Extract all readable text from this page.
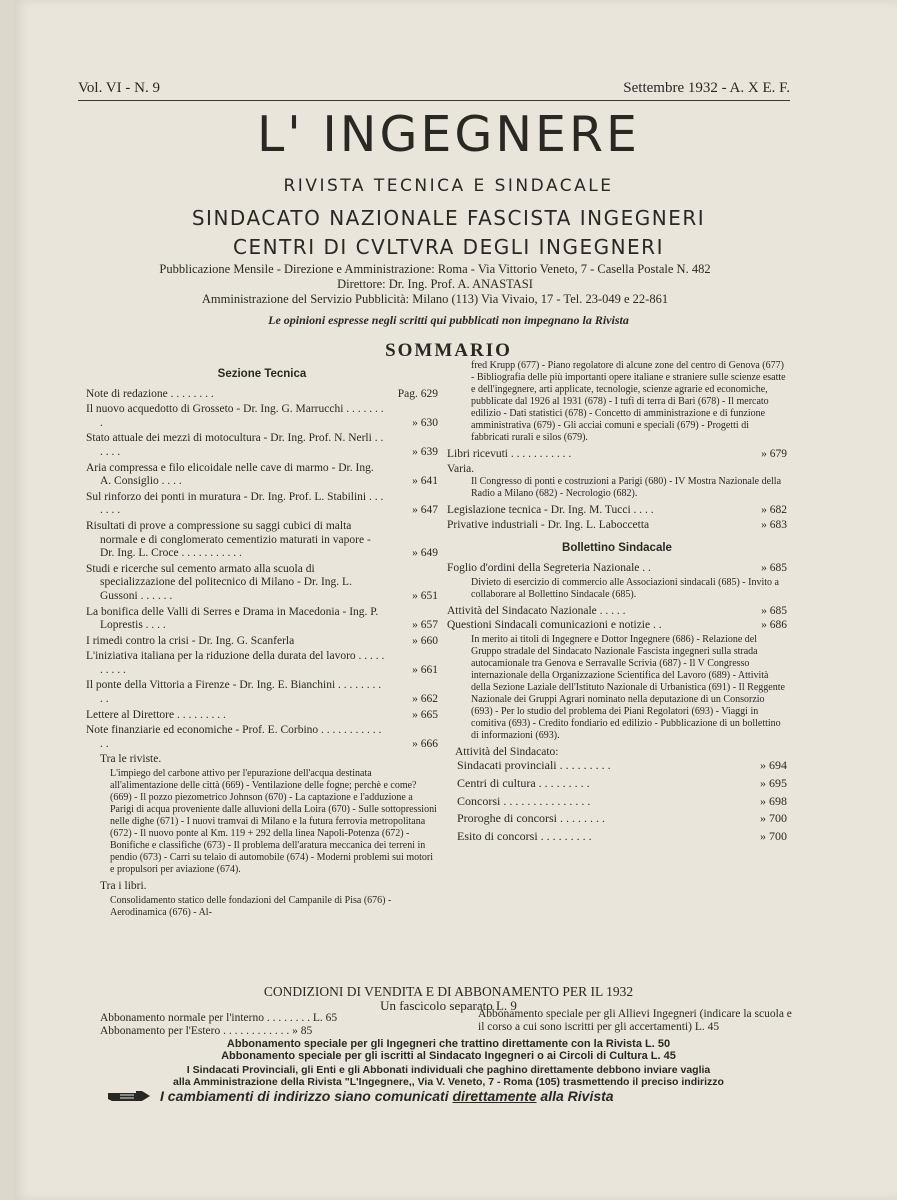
Vol. VI - N. 9	Settembre 1932 - A. X E. F.
L' INGEGNERE
RIVISTA TECNICA E SINDACALE
SINDACATO NAZIONALE FASCISTA INGEGNERI
CENTRI DI CVLTVRA DEGLI INGEGNERI
Pubblicazione Mensile - Direzione e Amministrazione: Roma - Via Vittorio Veneto, 7 - Casella Postale N. 482
Direttore: Dr. Ing. Prof. A. ANASTASI
Amministrazione del Servizio Pubblicità: Milano (113) Via Vivaio, 17 - Tel. 23-049 e 22-861
Le opinioni espresse negli scritti qui pubblicati non impegnano la Rivista
SOMMARIO
Sezione Tecnica
Note di redazione . . . . . . . .	Pag. 629
Il nuovo acquedotto di Grosseto - Dr. Ing. G. Marrucchi . . . . . . . .	» 630
Stato attuale dei mezzi di motocultura - Dr. Ing. Prof. N. Nerli . . . . . .	» 639
Aria compressa e filo elicoidale nelle cave di marmo - Dr. Ing. A. Consiglio . . . .	» 641
Sul rinforzo dei ponti in muratura - Dr. Ing. Prof. L. Stabilini . . . . . . .	» 647
Risultati di prove a compressione su saggi cubici di malta normale e di conglomerato cementizio maturati in vapore - Dr. Ing. L. Croce . . . . . . . . . . .	» 649
Studi e ricerche sul cemento armato alla scuola di specializzazione del politecnico di Milano - Dr. Ing. L. Gussoni . . . . . .	» 651
La bonifica delle Valli di Serres e Drama in Macedonia - Ing. P. Loprestis . . . .	» 657
I rimedi contro la crisi - Dr. Ing. G. Scanferla	» 660
L'iniziativa italiana per la riduzione della durata del lavoro . . . . . . . . . .	» 661
Il ponte della Vittoria a Firenze - Dr. Ing. E. Bianchini . . . . . . . . . .	» 662
Lettere al Direttore . . . . . . . . .	» 665
Note finanziarie ed economiche - Prof. E. Corbino . . . . . . . . . . . . .	» 666
Tra le riviste.
L'impiego del carbone attivo per l'epurazione dell'acqua destinata all'alimentazione delle città (669) - Ventilazione delle fogne; perchè e come? (669) - Il pozzo piezometrico Johnson (670) - La captazione e l'adduzione a Parigi di acqua proveniente dalle alluvioni della Loira (670) - Sulle sottopressioni nelle dighe (671) - I nuovi tramvai di Milano e la futura ferrovia metropolitana (672) - Il nuovo ponte al Km. 119 + 292 della linea Napoli-Potenza (672) - Bonifiche e classifiche (673) - Il problema dell'aratura meccanica dei terreni in pendio (673) - Carri su telaio di automobile (674) - Moderni problemi sui motori e propulsori per aviazione (674).
Tra i libri.
Consolidamento statico delle fondazioni del Campanile di Pisa (676) - Aerodinamica (676) - Al-
fred Krupp (677) - Piano regolatore di alcune zone del centro di Genova (677) - Bibliografia delle più importanti opere italiane e straniere sulle scienze esatte e dell'ingegnere, arti applicate, tecnologie, scienze agrarie ed economiche, pubblicate dal 1926 al 1931 (678) - I tufi di terra di Bari (678) - Il mercato edilizio - Dati statistici (678) - Concetto di amministrazione e di funzione amministrativa (679) - Gli acciai comuni e speciali (679) - Progetti di fabbricati rurali e silos (679).
Libri ricevuti . . . . . . . . . . .	» 679
Varia.
Il Congresso di ponti e costruzioni a Parigi (680) - IV Mostra Nazionale della Radio a Milano (682) - Necrologio (682).
Legislazione tecnica - Dr. Ing. M. Tucci . . . .	» 682
Privative industriali - Dr. Ing. L. Laboccetta	» 683
Bollettino Sindacale
Foglio d'ordini della Segreteria Nazionale . .	» 685
Divieto di esercizio di commercio alle Associazioni sindacali (685) - Invito a collaborare al Bollettino Sindacale (685).
Attività del Sindacato Nazionale . . . . .	» 685
Questioni Sindacali comunicazioni e notizie . .	» 686
In merito ai titoli di Ingegnere e Dottor Ingegnere (686) - Relazione del Gruppo stradale del Sindacato Nazionale Fascista ingegneri sulla strada autocamionale tra Genova e Serravalle Scrivia (687) - Il V Congresso internazionale della Organizzazione Scientifica del Lavoro (689) - Attività della Sezione Laziale dell'Istituto Nazionale di Urbanistica (691) - Il Reggente Nazionale dei Gruppi Agrari nominato nella deputazione di un Consorzio (693) - Per lo studio del problema dei Piani Regolatori (693) - Viaggi in comitiva (693) - Credito fondiario ed edilizio - Pubblicazione di un bollettino di informazioni (693).
Attività del Sindacato:
Sindacati provinciali . . . . . . . . .	» 694
Centri di cultura . . . . . . . . .	» 695
Concorsi . . . . . . . . . . . . . . .	» 698
Proroghe di concorsi . . . . . . . .	» 700
Esito di concorsi . . . . . . . . .	» 700
CONDIZIONI DI VENDITA E DI ABBONAMENTO PER IL 1932
Un fascicolo separato L. 9
Abbonamento normale per l'interno . . . . . . . . L. 65
Abbonamento per l'Estero . . . . . . . . . . . . » 85
Abbonamento speciale per gli Allievi Ingegneri (indicare la scuola e il corso a cui sono iscritti per gli accertamenti) L. 45
Abbonamento speciale per gli Ingegneri che trattino direttamente con la Rivista L. 50
Abbonamento speciale per gli iscritti al Sindacato Ingegneri o ai Circoli di Cultura L. 45
I Sindacati Provinciali, gli Enti e gli Abbonati individuali che paghino direttamente debbono inviare vaglia
alla Amministrazione della Rivista "L'Ingegnere,, Via V. Veneto, 7 - Roma (105) trasmettendo il preciso indirizzo
I cambiamenti di indirizzo siano comunicati direttamente alla Rivista
